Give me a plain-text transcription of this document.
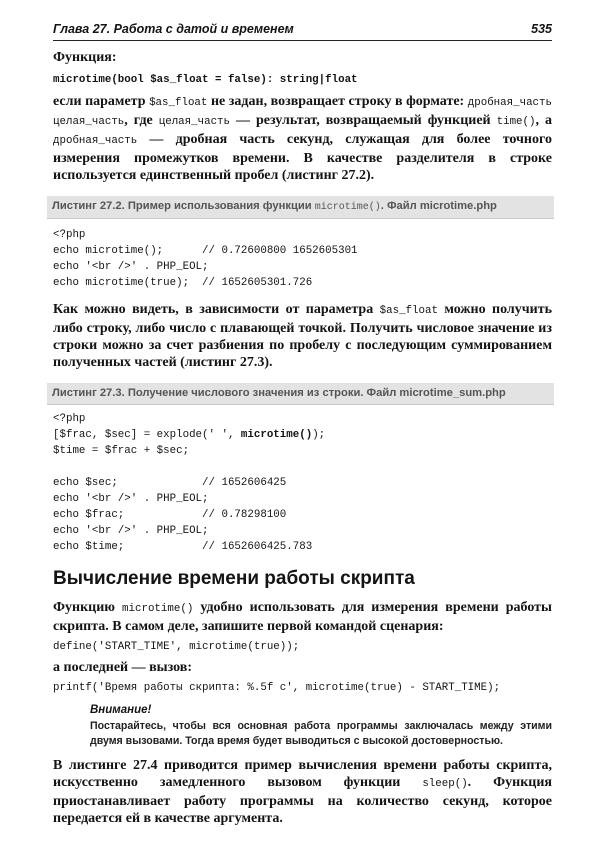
Глава 27. Работа с датой и временем	535
Функция:
microtime(bool $as_float = false): string|float
если параметр $as_float не задан, возвращает строку в формате: дробная_часть целая_часть, где целая_часть — результат, возвращаемый функцией time(), а дробная_часть — дробная часть секунд, служащая для более точного измерения промежутков времени. В качестве разделителя в строке используется единственный пробел (листинг 27.2).
Листинг 27.2. Пример использования функции microtime(). Файл microtime.php
<?php
echo microtime();      // 0.72600800 1652605301
echo '<br />' . PHP_EOL;
echo microtime(true);  // 1652605301.726
Как можно видеть, в зависимости от параметра $as_float можно получить либо строку, либо число с плавающей точкой. Получить числовое значение из строки можно за счет разбиения по пробелу с последующим суммированием полученных частей (листинг 27.3).
Листинг 27.3. Получение числового значения из строки. Файл microtime_sum.php
<?php
[$frac, $sec] = explode(' ', microtime());
$time = $frac + $sec;

echo $sec;             // 1652606425
echo '<br />' . PHP_EOL;
echo $frac;            // 0.78298100
echo '<br />' . PHP_EOL;
echo $time;            // 1652606425.783
Вычисление времени работы скрипта
Функцию microtime() удобно использовать для измерения времени работы скрипта. В самом деле, запишите первой командой сценария:
define('START_TIME', microtime(true));
а последней — вызов:
printf('Время работы скрипта: %.5f c', microtime(true) - START_TIME);
Внимание!
Постарайтесь, чтобы вся основная работа программы заключалась между этими двумя вызовами. Тогда время будет выводиться с высокой достоверностью.
В листинге 27.4 приводится пример вычисления времени работы скрипта, искусственно замедленного вызовом функции sleep(). Функция приостанавливает работу программы на количество секунд, которое передается ей в качестве аргумента.
